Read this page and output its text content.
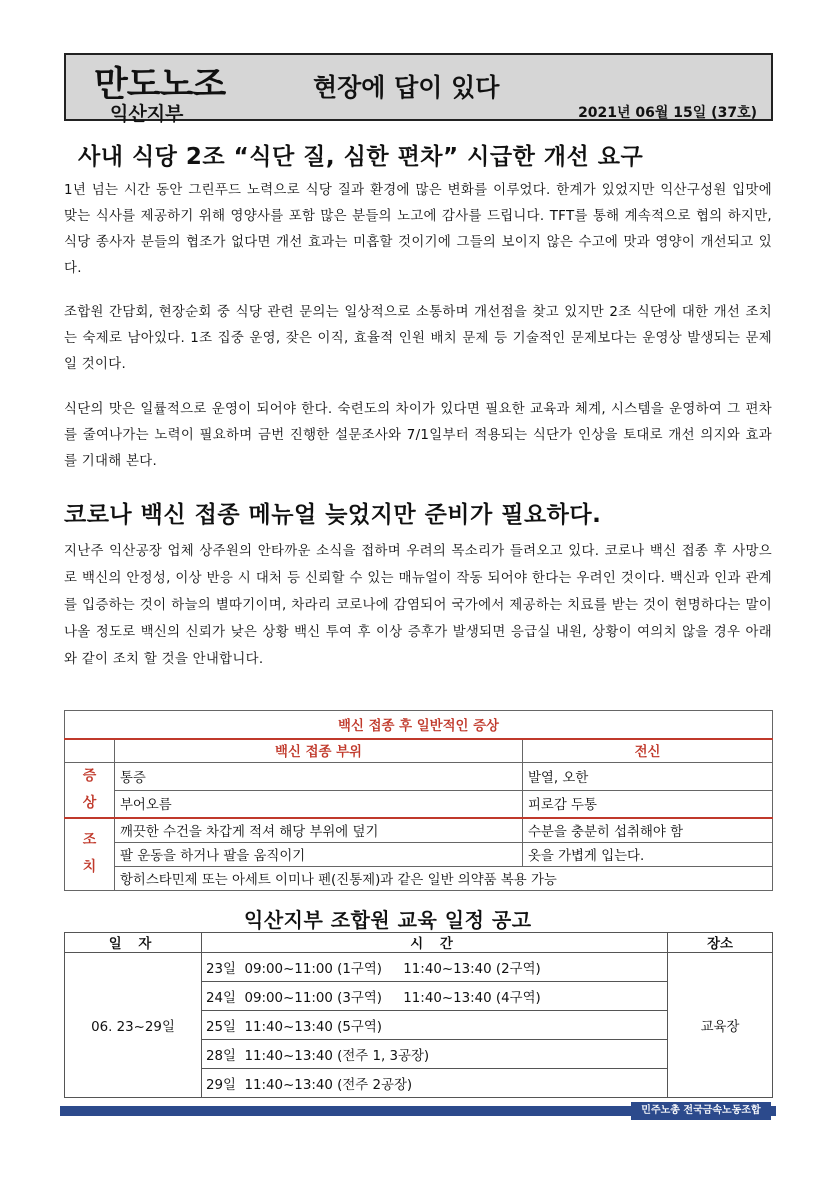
만도노조
익산지부
현장에 답이 있다
2021년 06월 15일 (37호)
사내 식당 2조 “식단 질, 심한 편차” 시급한 개선 요구

1년 넘는 시간 동안 그린푸드 노력으로 식당 질과 환경에 많은 변화를 이루었다. 한계가 있었지만 익산구성원 입맛에 맞는 식사를 제공하기 위해 영양사를 포함 많은 분들의 노고에 감사를 드립니다. TFT를 통해 계속적으로 협의 하지만, 식당 종사자 분들의 협조가 없다면 개선 효과는 미흡할 것이기에 그들의 보이지 않은 수고에 맛과 영양이 개선되고 있다.

조합원 간담회, 현장순회 중 식당 관련 문의는 일상적으로 소통하며 개선점을 찾고 있지만 2조 식단에 대한 개선 조치는 숙제로 남아있다. 1조 집중 운영, 잦은 이직, 효율적 인원 배치 문제 등 기술적인 문제보다는 운영상 발생되는 문제일 것이다.

식단의 맛은 일률적으로 운영이 되어야 한다. 숙련도의 차이가 있다면 필요한 교육과 체계, 시스템을 운영하여 그 편차를 줄여나가는 노력이 필요하며 금번 진행한 설문조사와 7/1일부터 적용되는 식단가 인상을 토대로 개선 의지와 효과를 기대해 본다.

코로나 백신 접종 메뉴얼 늦었지만 준비가 필요하다.

지난주 익산공장 업체 상주원의 안타까운 소식을 접하며 우려의 목소리가 들려오고 있다. 코로나 백신 접종 후 사망으로 백신의 안정성, 이상 반응 시 대처 등 신뢰할 수 있는 매뉴얼이 작동 되어야 한다는 우려인 것이다. 백신과 인과 관계를 입증하는 것이 하늘의 별따기이며, 차라리 코로나에 감염되어 국가에서 제공하는 치료를 받는 것이 현명하다는 말이 나올 정도로 백신의 신뢰가 낮은 상황 백신 투여 후 이상 증후가 발생되면 응급실 내원, 상황이 여의치 않을 경우 아래와 같이 조치 할 것을 안내합니다.

백신 접종 후 일반적인 증상		
	백신 접종 부위	전신
증
상	통증	발열, 오한
	부어오름	피로감 두통
조
치	깨끗한 수건을 차갑게 적셔 해당 부위에 덮기	수분을 충분히 섭취해야 함
	팔 운동을 하거나 팔을 움직이기	옷을 가볍게 입는다.
	항히스타민제 또는 아세트 이미나 펜(진통제)과 같은 일반 의약품 복용 가능	
익산지부 조합원 교육 일정 공고
일 자	시 간	장소
06. 23~29일	23일  09:00~11:00 (1구역)     11:40~13:40 (2구역)	교육장
	24일  09:00~11:00 (3구역)     11:40~13:40 (4구역)	
	25일  11:40~13:40 (5구역)	
	28일  11:40~13:40 (전주 1, 3공장)	
	29일  11:40~13:40 (전주 2공장)	
민주노총 전국금속노동조합
